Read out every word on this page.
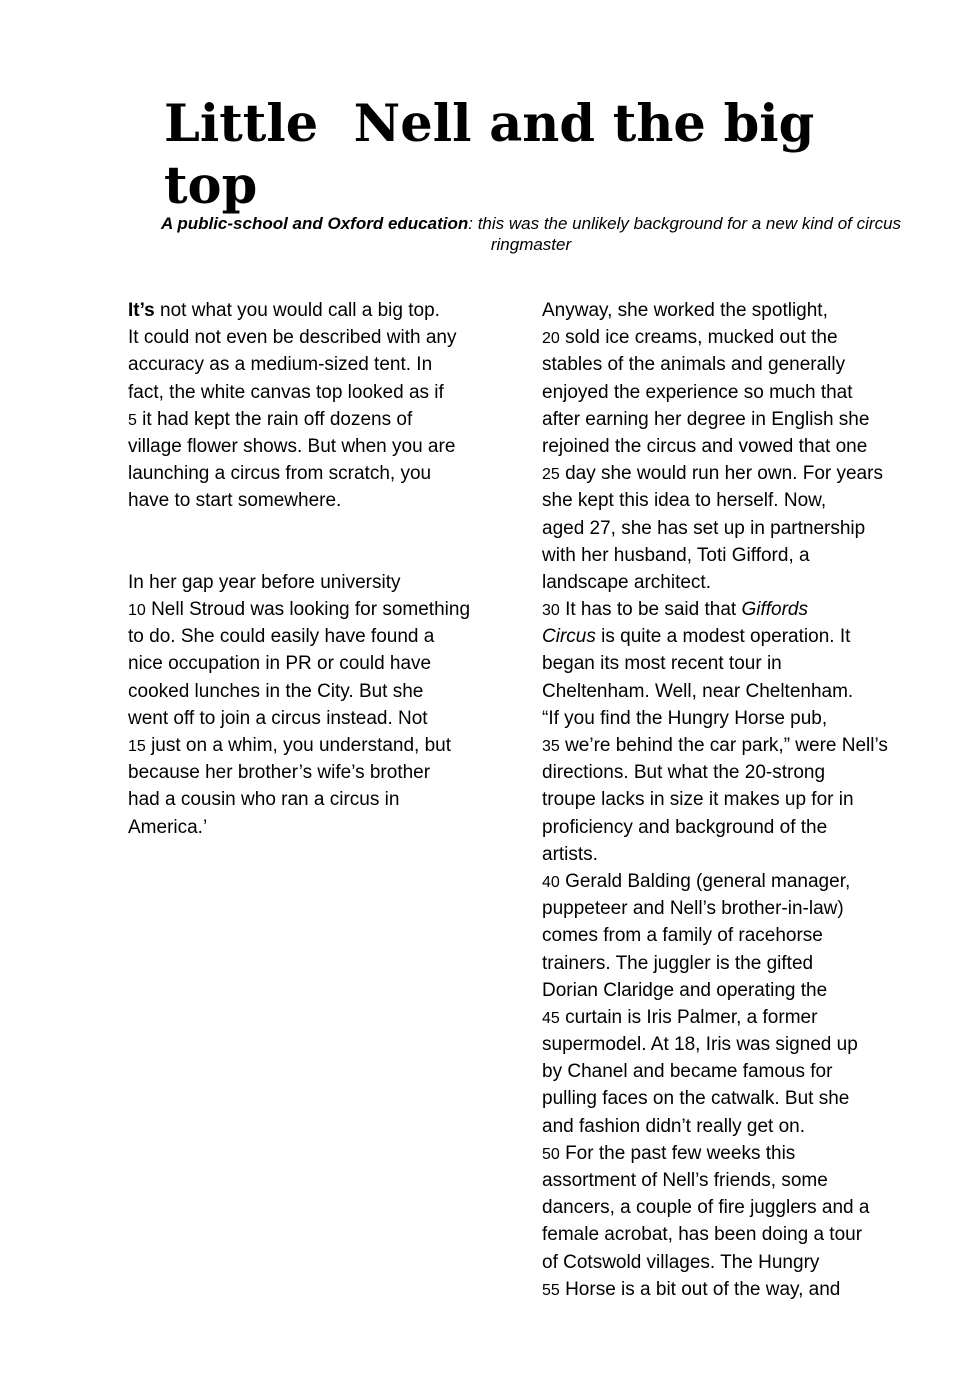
Little  Nell and the big top

A public-school and Oxford education: this was the unlikely background for a new kind of circus ringmaster

It’s not what you would call a big top.
It could not even be described with any
accuracy as a medium-sized tent. In
fact, the white canvas top looked as if
5 it had kept the rain off dozens of
village flower shows. But when you are
launching a circus from scratch, you
have to start somewhere.
In her gap year before university
10 Nell Stroud was looking for something
to do. She could easily have found a
nice occupation in PR or could have
cooked lunches in the City. But she
went off to join a circus instead. Not
15 just on a whim, you understand, but
because her brother’s wife’s brother
had a cousin who ran a circus in
America.’
Anyway, she worked the spotlight,
20 sold ice creams, mucked out the
stables of the animals and generally
enjoyed the experience so much that
after earning her degree in English she
rejoined the circus and vowed that one
25 day she would run her own. For years
she kept this idea to herself. Now,
aged 27, she has set up in partnership
with her husband, Toti Gifford, a
landscape architect.
30 It has to be said that Giffords
Circus is quite a modest operation. It
began its most recent tour in
Cheltenham. Well, near Cheltenham.
“If you find the Hungry Horse pub,
35 we’re behind the car park,” were Nell’s
directions. But what the 20-strong
troupe lacks in size it makes up for in
proficiency and background of the
artists.
40 Gerald Balding (general manager,
puppeteer and Nell’s brother-in-law)
comes from a family of racehorse
trainers. The juggler is the gifted
Dorian Claridge and operating the
45 curtain is Iris Palmer, a former
supermodel. At 18, Iris was signed up
by Chanel and became famous for
pulling faces on the catwalk. But she
and fashion didn’t really get on.
50 For the past few weeks this
assortment of Nell’s friends, some
dancers, a couple of fire jugglers and a
female acrobat, has been doing a tour
of Cotswold villages. The Hungry
55 Horse is a bit out of the way, and
